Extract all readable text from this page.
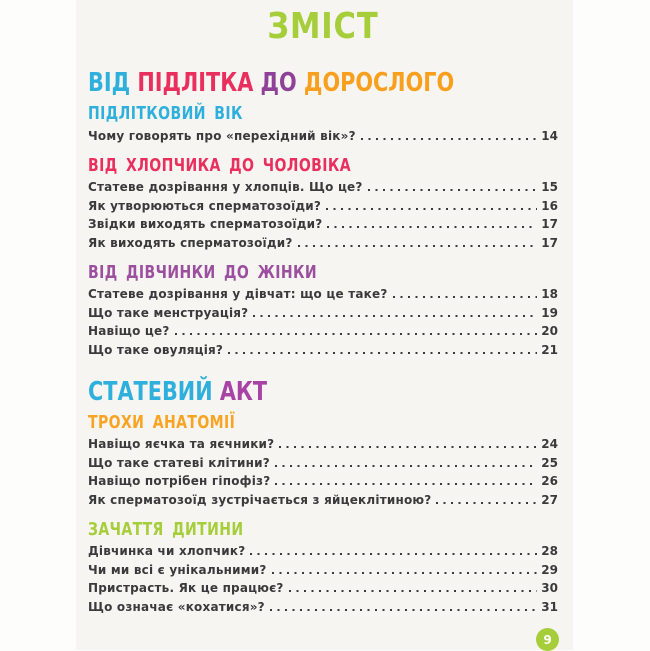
ЗМІСТ
ВІД ПІДЛІТКА ДО ДОРОСЛОГО
ПІДЛІТКОВИЙ ВІК
Чому говорять про «перехідний вік»?	14
ВІД ХЛОПЧИКА ДО ЧОЛОВІКА
Статеве дозрівання у хлопців. Що це?	15
Як утворюються сперматозоїди?	16
Звідки виходять сперматозоїди?	17
Як виходять сперматозоїди?	17
ВІД ДІВЧИНКИ ДО ЖІНКИ
Статеве дозрівання у дівчат: що це таке?	18
Що таке менструація?	19
Навіщо це?	20
Що таке овуляція?	21
СТАТЕВИЙ АКТ
ТРОХИ АНАТОМІЇ
Навіщо яєчка та яєчники?	24
Що таке статеві клітини?	25
Навіщо потрібен гіпофіз?	26
Як сперматозоїд зустрічається з яйцеклітиною?	27
ЗАЧАТТЯ ДИТИНИ
Дівчинка чи хлопчик?	28
Чи ми всі є унікальними?	29
Пристрасть. Як це працює?	30
Що означає «кохатися»?	31
9
